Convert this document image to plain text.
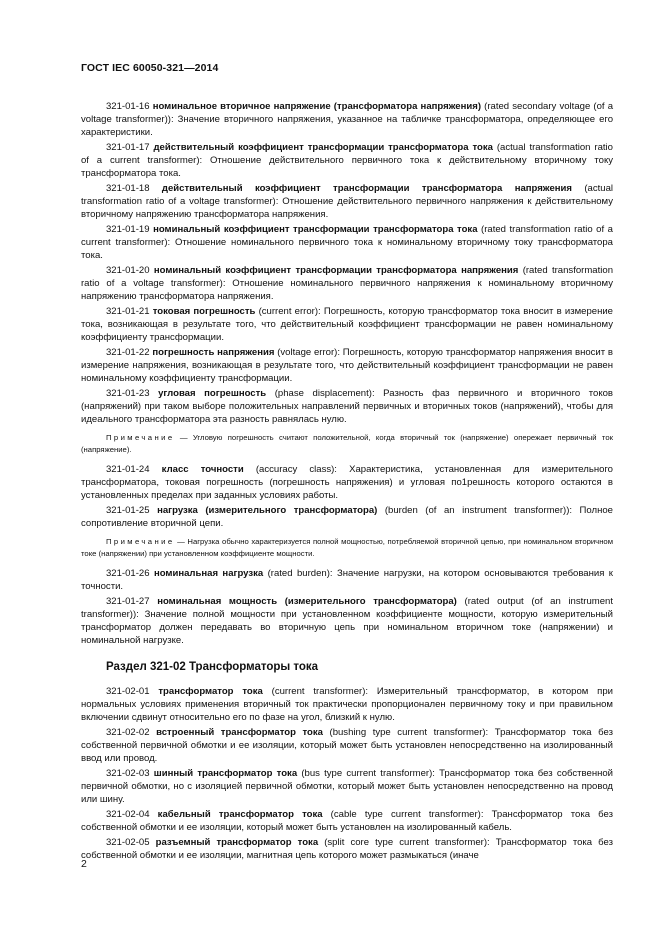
ГОСТ IEC 60050-321—2014

321-01-16 номинальное вторичное напряжение (трансформатора напряжения) (rated secondary voltage (of a voltage transformer)): Значение вторичного напряжения, указанное на табличке трансформатора, определяющее его характеристики.

321-01-17 действительный коэффициент трансформации трансформатора тока (actual transformation ratio of a current transformer): Отношение действительного первичного тока к действительному вторичному току трансформатора тока.

321-01-18 действительный коэффициент трансформации трансформатора напряжения (actual transformation ratio of a voltage transformer): Отношение действительного первичного напряжения к действительному вторичному напряжению трансформатора напряжения.

321-01-19 номинальный коэффициент трансформации трансформатора тока (rated transformation ratio of a current transformer): Отношение номинального первичного тока к номинальному вторичному току трансформатора тока.

321-01-20 номинальный коэффициент трансформации трансформатора напряжения (rated transformation ratio of a voltage transformer): Отношение номинального первичного напряжения к номинальному вторичному напряжению трансформатора напряжения.

321-01-21 токовая погрешность (current error): Погрешность, которую трансформатор тока вносит в измерение тока, возникающая в результате того, что действительный коэффициент трансформации не равен номинальному коэффициенту трансформации.

321-01-22 погрешность напряжения (voltage error): Погрешность, которую трансформатор напряжения вносит в измерение напряжения, возникающая в результате того, что действительный коэффициент трансформации не равен номинальному коэффициенту трансформации.

321-01-23 угловая погрешность (phase displacement): Разность фаз первичного и вторичного токов (напряжений) при таком выборе положительных направлений первичных и вторичных токов (напряжений), чтобы для идеального трансформатора эта разность равнялась нулю.

Примечание — Угловую погрешность считают положительной, когда вторичный ток (напряжение) опережает первичный ток (напряжение).

321-01-24 класс точности (accuracy class): Характеристика, установленная для измерительного трансформатора, токовая погрешность (погрешность напряжения) и угловая по1решность которого остаются в установленных пределах при заданных условиях работы.

321-01-25 нагрузка (измерительного трансформатора) (burden (of an instrument transformer)): Полное сопротивление вторичной цепи.

Примечание — Нагрузка обычно характеризуется полной мощностью, потребляемой вторичной цепью, при номинальном вторичном токе (напряжении) при установленном коэффициенте мощности.

321-01-26 номинальная нагрузка (rated burden): Значение нагрузки, на котором основываются требования к точности.

321-01-27 номинальная мощность (измерительного трансформатора) (rated output (of an instrument transformer)): Значение полной мощности при установленном коэффициенте мощности, которую измерительный трансформатор должен передавать во вторичную цепь при номинальном вторичном токе (напряжении) и номинальной нагрузке.

Раздел 321-02 Трансформаторы тока

321-02-01 трансформатор тока (current transformer): Измерительный трансформатор, в котором при нормальных условиях применения вторичный ток практически пропорционален первичному току и при правильном включении сдвинут относительно его по фазе на угол, близкий к нулю.

321-02-02 встроенный трансформатор тока (bushing type current transformer): Трансформатор тока без собственной первичной обмотки и ее изоляции, который может быть установлен непосредственно на изолированный ввод или провод.

321-02-03 шинный трансформатор тока (bus type current transformer): Трансформатор тока без собственной первичной обмотки, но с изоляцией первичной обмотки, который может быть установлен непосредственно на провод или шину.

321-02-04 кабельный трансформатор тока (cable type current transformer): Трансформатор тока без собственной обмотки и ее изоляции, который может быть установлен на изолированный кабель.

321-02-05 разъемный трансформатор тока (split core type current transformer): Трансформатор тока без собственной обмотки и ее изоляции, магнитная цепь которого может размыкаться (иначе

2
